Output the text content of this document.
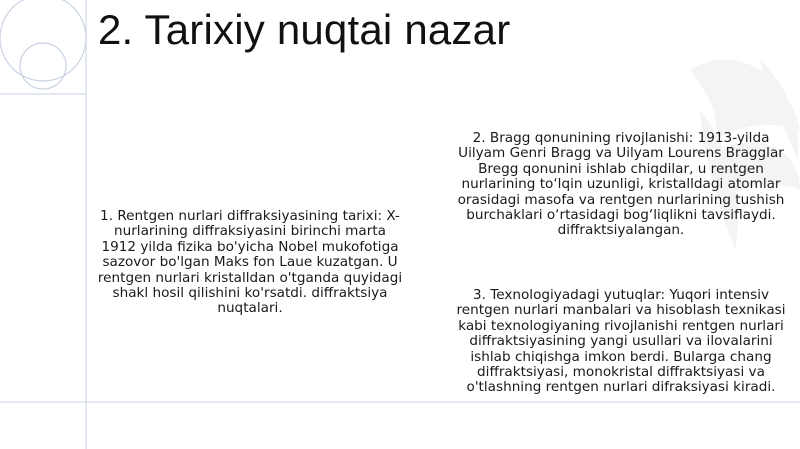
2. Tarixiy nuqtai nazar
1. Rentgen nurlari diffraksiyasining tarixi: X-nurlarining diffraksiyasini birinchi marta 1912 yilda fizika bo'yicha Nobel mukofotiga sazovor bo'lgan Maks fon Laue kuzatgan. U rentgen nurlari kristalldan o'tganda quyidagi shakl hosil qilishini ko'rsatdi. diffraktsiya nuqtalari.
2. Bragg qonunining rivojlanishi: 1913-yilda Uilyam Genri Bragg va Uilyam Lourens Bragglar Bregg qonunini ishlab chiqdilar, u rentgen nurlarining to‘lqin uzunligi, kristalldagi atomlar orasidagi masofa va rentgen nurlarining tushish burchaklari o‘rtasidagi bog‘liqlikni tavsiflaydi. diffraktsiyalangan.
3. Texnologiyadagi yutuqlar: Yuqori intensiv rentgen nurlari manbalari va hisoblash texnikasi kabi texnologiyaning rivojlanishi rentgen nurlari diffraktsiyasining yangi usullari va ilovalarini ishlab chiqishga imkon berdi. Bularga chang diffraktsiyasi, monokristal diffraktsiyasi va o'tlashning rentgen nurlari difraksiyasi kiradi.
